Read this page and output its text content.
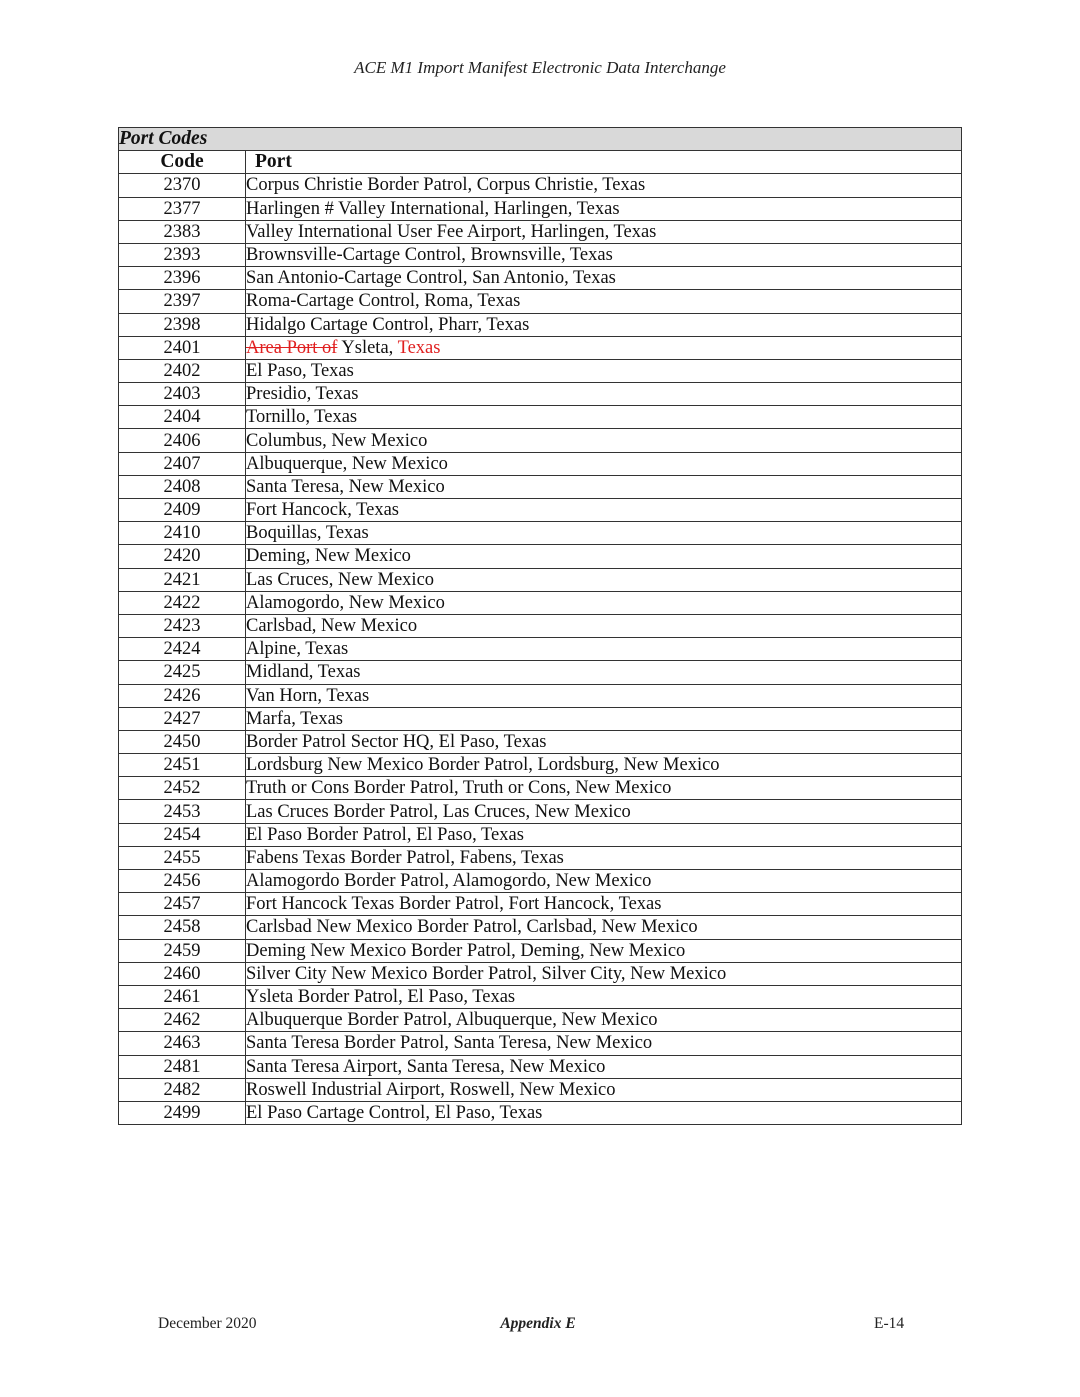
ACE M1 Import Manifest Electronic Data Interchange
Port Codes	
Code	Port
2370	Corpus Christie Border Patrol, Corpus Christie, Texas
2377	Harlingen # Valley International, Harlingen, Texas
2383	Valley International User Fee Airport, Harlingen, Texas
2393	Brownsville-Cartage Control, Brownsville, Texas
2396	San Antonio-Cartage Control, San Antonio, Texas
2397	Roma-Cartage Control, Roma, Texas
2398	Hidalgo Cartage Control, Pharr, Texas
2401	Area Port of Ysleta, Texas
2402	El Paso, Texas
2403	Presidio, Texas
2404	Tornillo, Texas
2406	Columbus, New Mexico
2407	Albuquerque, New Mexico
2408	Santa Teresa, New Mexico
2409	Fort Hancock, Texas
2410	Boquillas, Texas
2420	Deming, New Mexico
2421	Las Cruces, New Mexico
2422	Alamogordo, New Mexico
2423	Carlsbad, New Mexico
2424	Alpine, Texas
2425	Midland, Texas
2426	Van Horn, Texas
2427	Marfa, Texas
2450	Border Patrol Sector HQ, El Paso, Texas
2451	Lordsburg New Mexico Border Patrol, Lordsburg, New Mexico
2452	Truth or Cons Border Patrol, Truth or Cons, New Mexico
2453	Las Cruces Border Patrol, Las Cruces, New Mexico
2454	El Paso Border Patrol, El Paso, Texas
2455	Fabens Texas Border Patrol, Fabens, Texas
2456	Alamogordo Border Patrol, Alamogordo, New Mexico
2457	Fort Hancock Texas Border Patrol, Fort Hancock, Texas
2458	Carlsbad New Mexico Border Patrol, Carlsbad, New Mexico
2459	Deming New Mexico Border Patrol, Deming, New Mexico
2460	Silver City New Mexico Border Patrol, Silver City, New Mexico
2461	Ysleta Border Patrol, El Paso, Texas
2462	Albuquerque Border Patrol, Albuquerque, New Mexico
2463	Santa Teresa Border Patrol, Santa Teresa, New Mexico
2481	Santa Teresa Airport, Santa Teresa, New Mexico
2482	Roswell Industrial Airport, Roswell, New Mexico
2499	El Paso Cartage Control, El Paso, Texas
December 2020	Appendix E	E-14
